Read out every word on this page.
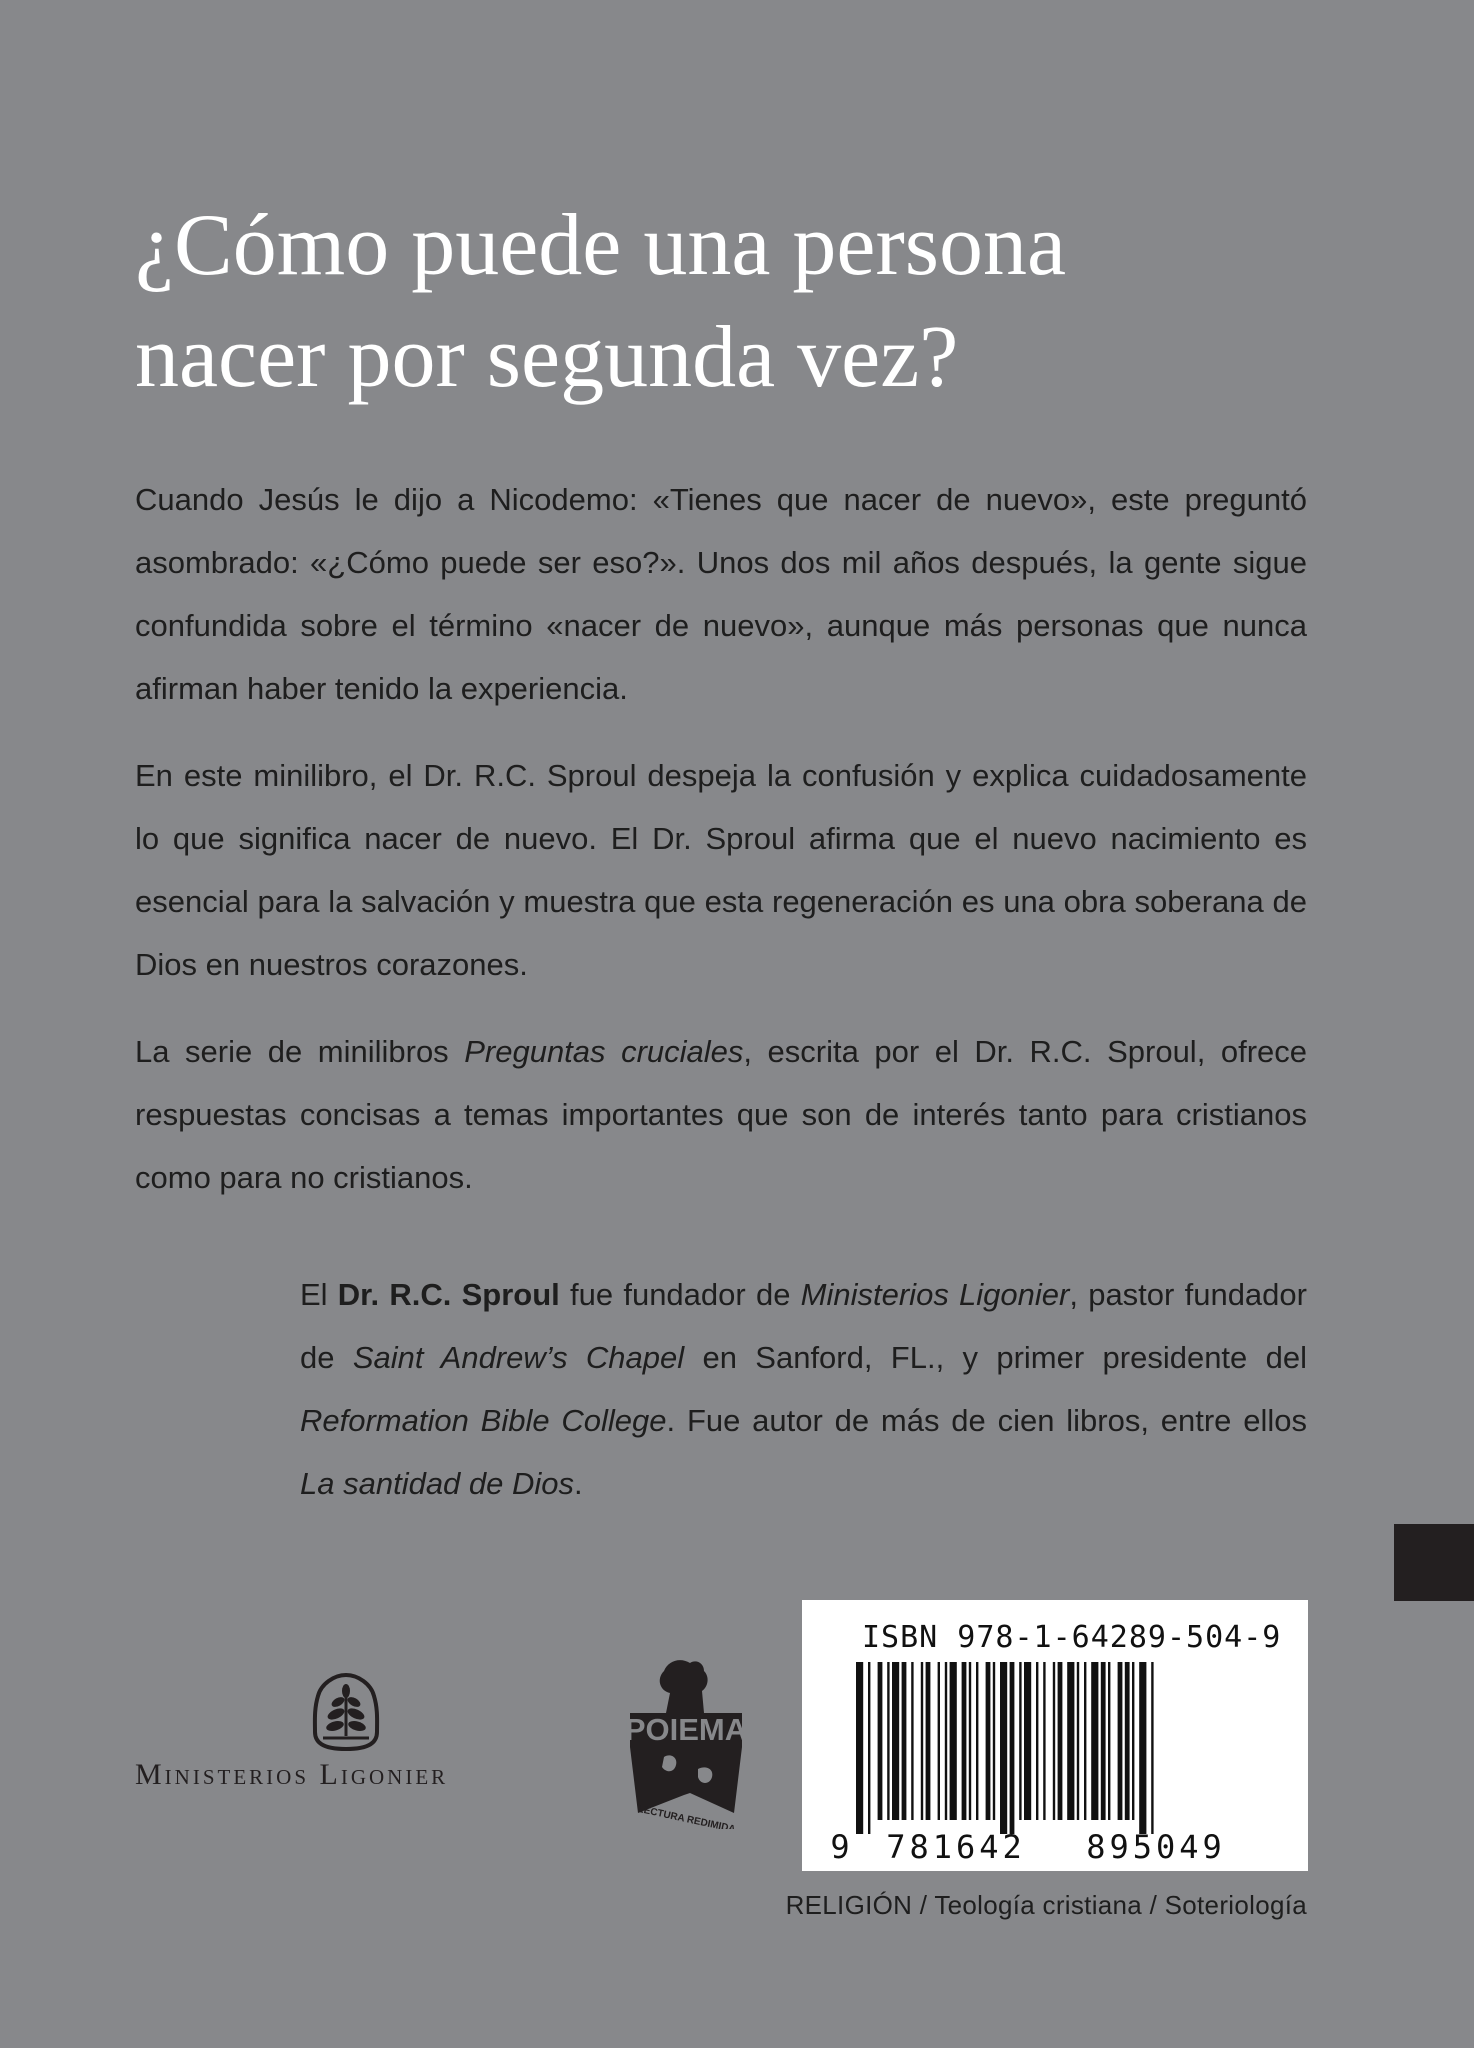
¿Cómo puede una persona
nacer por segunda vez?

Cuando Jesús le dijo a Nicodemo: «Tienes que nacer de nuevo», este preguntó asombrado: «¿Cómo puede ser eso?». Unos dos mil años después, la gente sigue confundida sobre el término «nacer de nuevo», aunque más personas que nunca afirman haber tenido la experiencia.

En este minilibro, el Dr. R.C. Sproul despeja la confusión y explica cuidadosamente lo que significa nacer de nuevo. El Dr. Sproul afirma que el nuevo nacimiento es esencial para la salvación y muestra que esta regeneración es una obra soberana de Dios en nuestros corazones.

La serie de minilibros Preguntas cruciales, escrita por el Dr. R.C. Sproul, ofrece respuestas concisas a temas importantes que son de interés tanto para cristianos como para no cristianos.

El Dr. R.C. Sproul fue fundador de Ministerios Ligonier, pastor fundador de Saint Andrew’s Chapel en Sanford, FL., y primer presidente del Reformation Bible College. Fue autor de más de cien libros, entre ellos La santidad de Dios.

Ministerios Ligonier
POIEMA
LECTURA REDIMIDA
ISBN 978-1-64289-504-9
9 781642 895049
RELIGIÓN / Teología cristiana / Soteriología
